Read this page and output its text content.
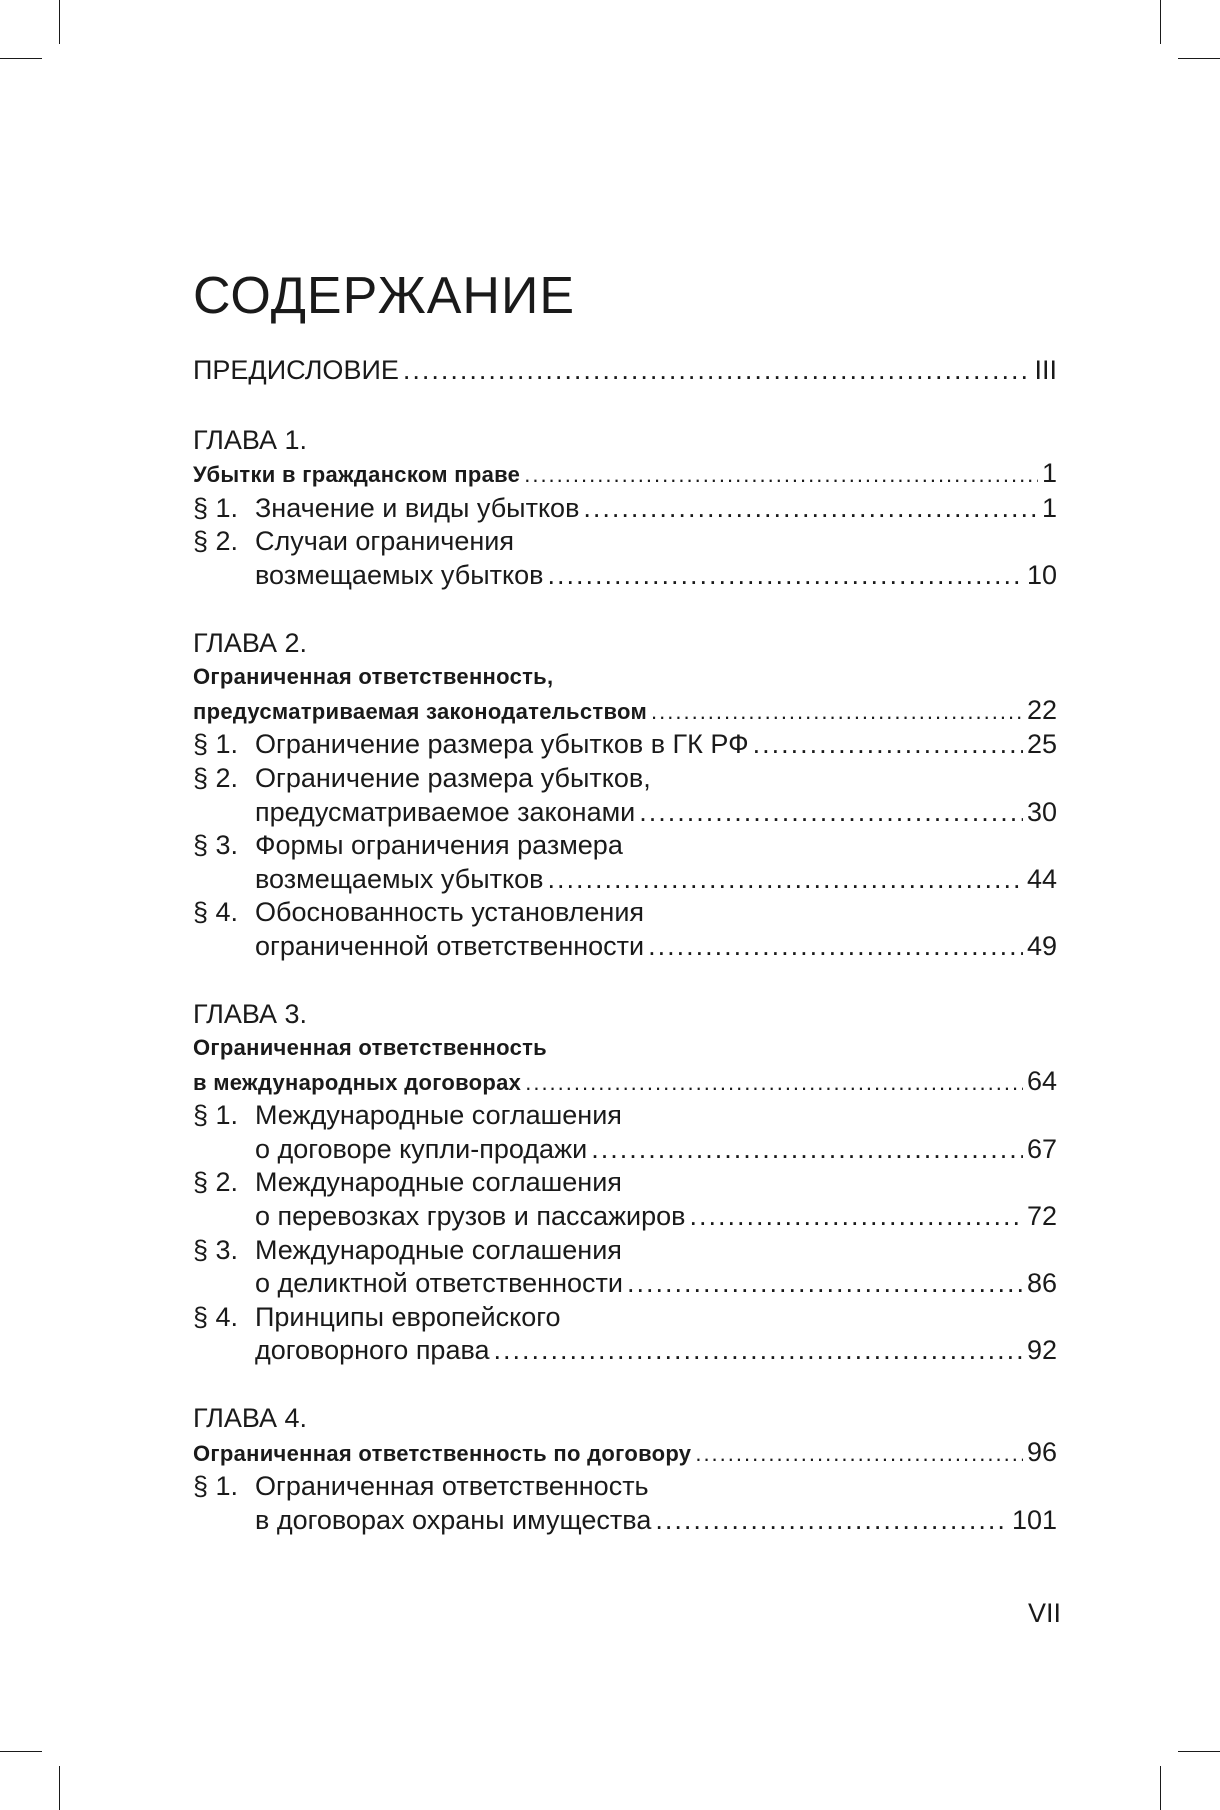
СОДЕРЖАНИЕ
ПРЕДИСЛОВИЕ .....	III
ГЛАВА 1.
Убытки в гражданском праве .....	1
§ 1. Значение и виды убытков .....	1
§ 2. Случаи ограничения
возмещаемых убытков .....	10
ГЛАВА 2.
Ограниченная ответственность,
предусматриваемая законодательством .....	22
§ 1. Ограничение размера убытков в ГК РФ .....	25
§ 2. Ограничение размера убытков,
предусматриваемое законами .....	30
§ 3. Формы ограничения размера
возмещаемых убытков .....	44
§ 4. Обоснованность установления
ограниченной ответственности .....	49
ГЛАВА 3.
Ограниченная ответственность
в международных договорах .....	64
§ 1. Международные соглашения
о договоре купли-продажи .....	67
§ 2. Международные соглашения
о перевозках грузов и пассажиров .....	72
§ 3. Международные соглашения
о деликтной ответственности .....	86
§ 4. Принципы европейского
договорного права .....	92
ГЛАВА 4.
Ограниченная ответственность по договору .....	96
§ 1. Ограниченная ответственность
в договорах охраны имущества .....	101
VII
